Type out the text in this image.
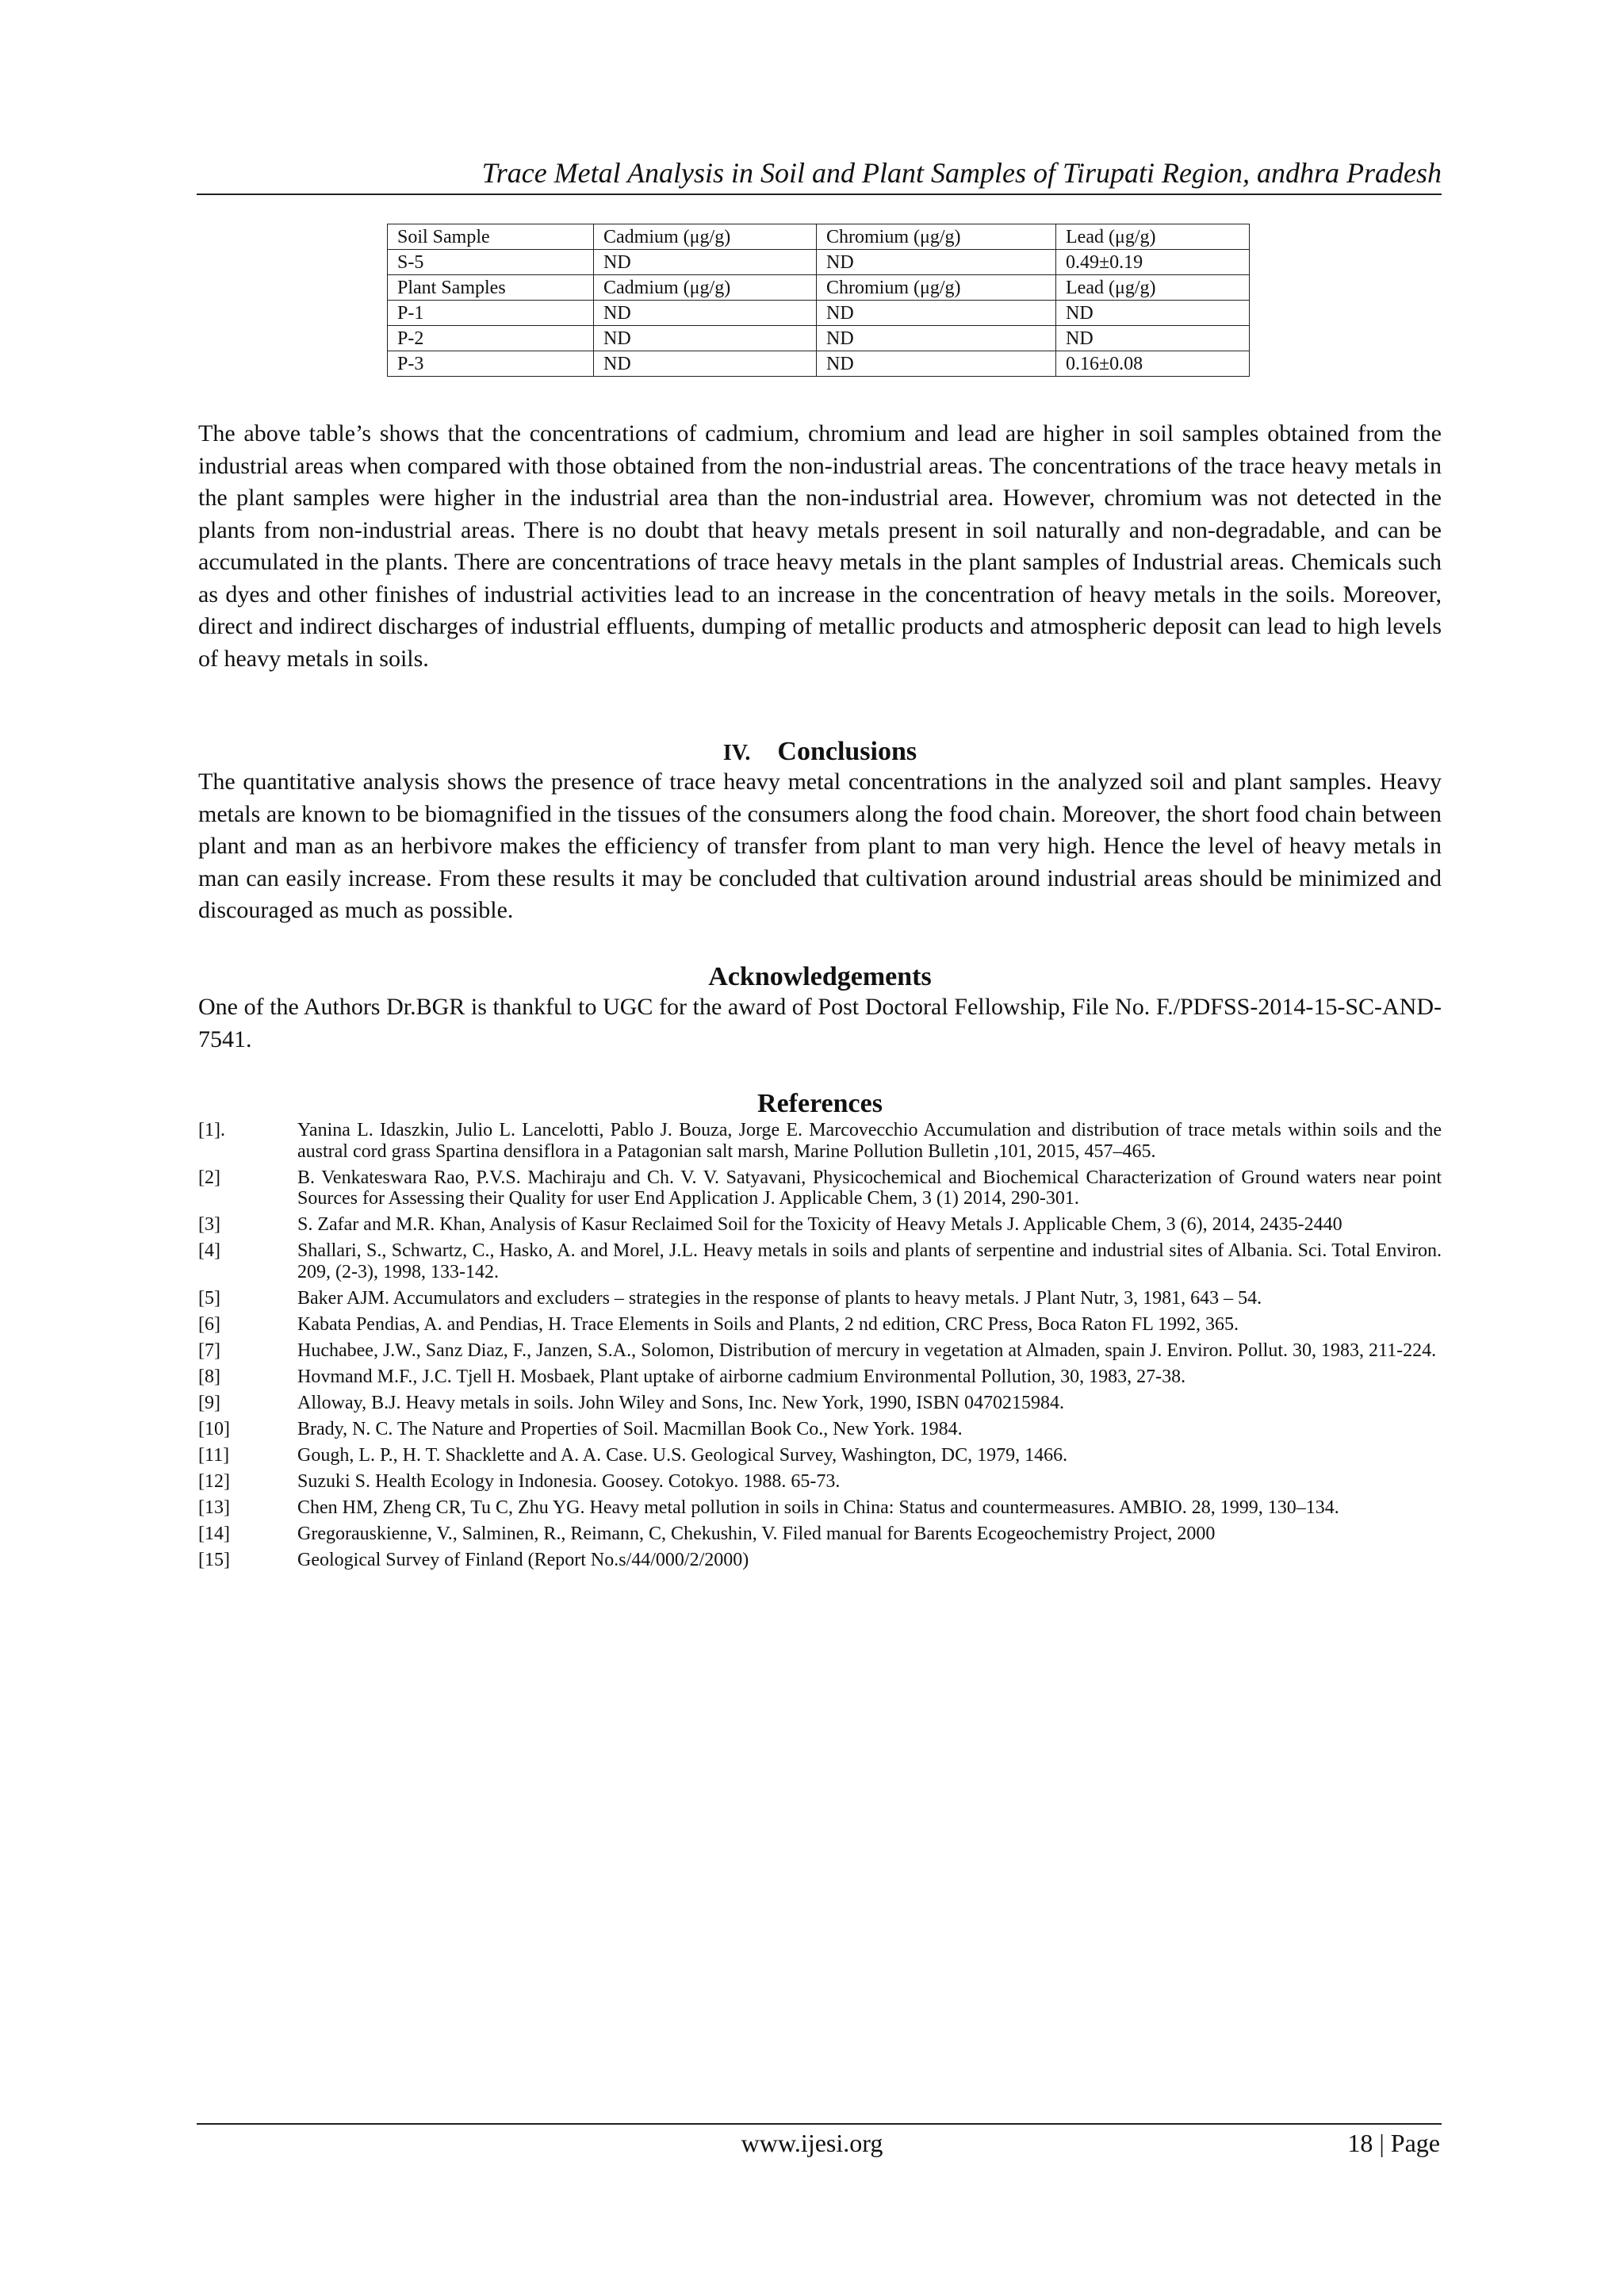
Trace Metal Analysis in Soil and Plant Samples of Tirupati Region, andhra Pradesh
Soil Sample	Cadmium (μg/g)	Chromium (μg/g)	Lead (μg/g)
S-5	ND	ND	0.49±0.19
Plant Samples	Cadmium (μg/g)	Chromium (μg/g)	Lead (μg/g)
P-1	ND	ND	ND
P-2	ND	ND	ND
P-3	ND	ND	0.16±0.08

The above table’s shows that the concentrations of cadmium, chromium and lead are higher in soil samples obtained from the industrial areas when compared with those obtained from the non-industrial areas. The concentrations of the trace heavy metals in the plant samples were higher in the industrial area than the non-industrial area. However, chromium was not detected in the plants from non-industrial areas. There is no doubt that heavy metals present in soil naturally and non-degradable, and can be accumulated in the plants. There are concentrations of trace heavy metals in the plant samples of Industrial areas. Chemicals such as dyes and other finishes of industrial activities lead to an increase in the concentration of heavy metals in the soils. Moreover, direct and indirect discharges of industrial effluents, dumping of metallic products and atmospheric deposit can lead to high levels of heavy metals in soils.

IV. Conclusions

The quantitative analysis shows the presence of trace heavy metal concentrations in the analyzed soil and plant samples. Heavy metals are known to be biomagnified in the tissues of the consumers along the food chain. Moreover, the short food chain between plant and man as an herbivore makes the efficiency of transfer from plant to man very high. Hence the level of heavy metals in man can easily increase. From these results it may be concluded that cultivation around industrial areas should be minimized and discouraged as much as possible.

Acknowledgements

One of the Authors Dr.BGR is thankful to UGC for the award of Post Doctoral Fellowship, File No. F./PDFSS-2014-15-SC-AND-7541.

References
[1].	Yanina L. Idaszkin, Julio L. Lancelotti, Pablo J. Bouza, Jorge E. Marcovecchio Accumulation and distribution of trace metals within soils and the austral cord grass Spartina densiflora in a Patagonian salt marsh, Marine Pollution Bulletin ,101, 2015, 457–465.
[2]	B. Venkateswara Rao, P.V.S. Machiraju and Ch. V. V. Satyavani, Physicochemical and Biochemical Characterization of Ground waters near point Sources for Assessing their Quality for user End Application J. Applicable Chem, 3 (1) 2014, 290-301.
[3]	S. Zafar and M.R. Khan, Analysis of Kasur Reclaimed Soil for the Toxicity of Heavy Metals J. Applicable Chem, 3 (6), 2014, 2435-2440
[4]	Shallari, S., Schwartz, C., Hasko, A. and Morel, J.L. Heavy metals in soils and plants of serpentine and industrial sites of Albania. Sci. Total Environ. 209, (2-3), 1998, 133-142.
[5]	Baker AJM. Accumulators and excluders – strategies in the response of plants to heavy metals. J Plant Nutr, 3, 1981, 643 – 54.
[6]	Kabata Pendias, A. and Pendias, H. Trace Elements in Soils and Plants, 2 nd edition, CRC Press, Boca Raton FL 1992, 365.
[7]	Huchabee, J.W., Sanz Diaz, F., Janzen, S.A., Solomon, Distribution of mercury in vegetation at Almaden, spain J. Environ. Pollut. 30, 1983, 211-224.
[8]	Hovmand M.F., J.C. Tjell H. Mosbaek, Plant uptake of airborne cadmium Environmental Pollution, 30, 1983, 27-38.
[9]	Alloway, B.J. Heavy metals in soils. John Wiley and Sons, Inc. New York, 1990, ISBN 0470215984.
[10]	Brady, N. C. The Nature and Properties of Soil. Macmillan Book Co., New York. 1984.
[11]	Gough, L. P., H. T. Shacklette and A. A. Case. U.S. Geological Survey, Washington, DC, 1979, 1466.
[12]	Suzuki S. Health Ecology in Indonesia. Goosey. Cotokyo. 1988. 65-73.
[13]	Chen HM, Zheng CR, Tu C, Zhu YG. Heavy metal pollution in soils in China: Status and countermeasures. AMBIO. 28, 1999, 130–134.
[14]	Gregorauskienne, V., Salminen, R., Reimann, C, Chekushin, V. Filed manual for Barents Ecogeochemistry Project, 2000
[15]	Geological Survey of Finland (Report No.s/44/000/2/2000)
www.ijesi.org	18 | Page
